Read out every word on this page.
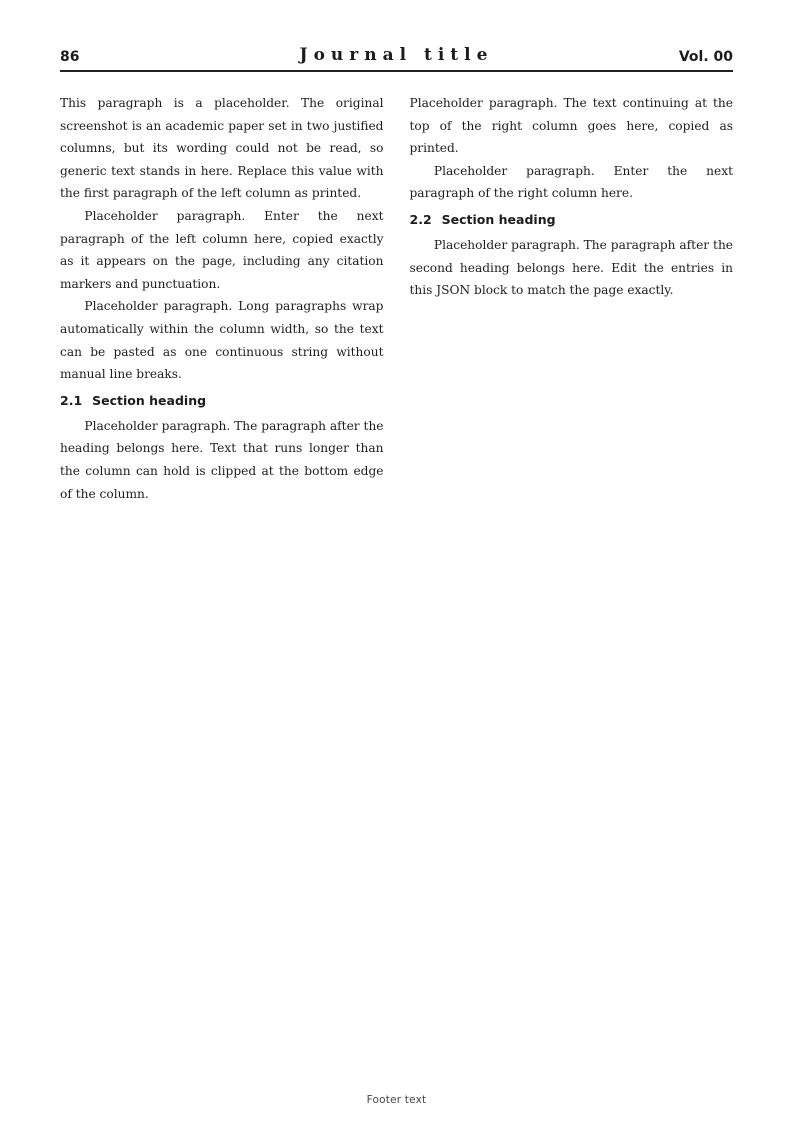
86	Journal title	Vol. 00

This paragraph is a placeholder. The original screenshot is an academic paper set in two justified columns, but its wording could not be read, so generic text stands in here. Replace this value with the first paragraph of the left column as printed.

Placeholder paragraph. Enter the next paragraph of the left column here, copied exactly as it appears on the page, including any citation markers and punctuation.

Placeholder paragraph. Long paragraphs wrap automatically within the column width, so the text can be pasted as one continuous string without manual line breaks.

2.1 Section heading

Placeholder paragraph. The paragraph after the heading belongs here. Text that runs longer than the column can hold is clipped at the bottom edge of the column.

Placeholder paragraph. The text continuing at the top of the right column goes here, copied as printed.

Placeholder paragraph. Enter the next paragraph of the right column here.

2.2 Section heading

Placeholder paragraph. The paragraph after the second heading belongs here. Edit the entries in this JSON block to match the page exactly.

Footer text
